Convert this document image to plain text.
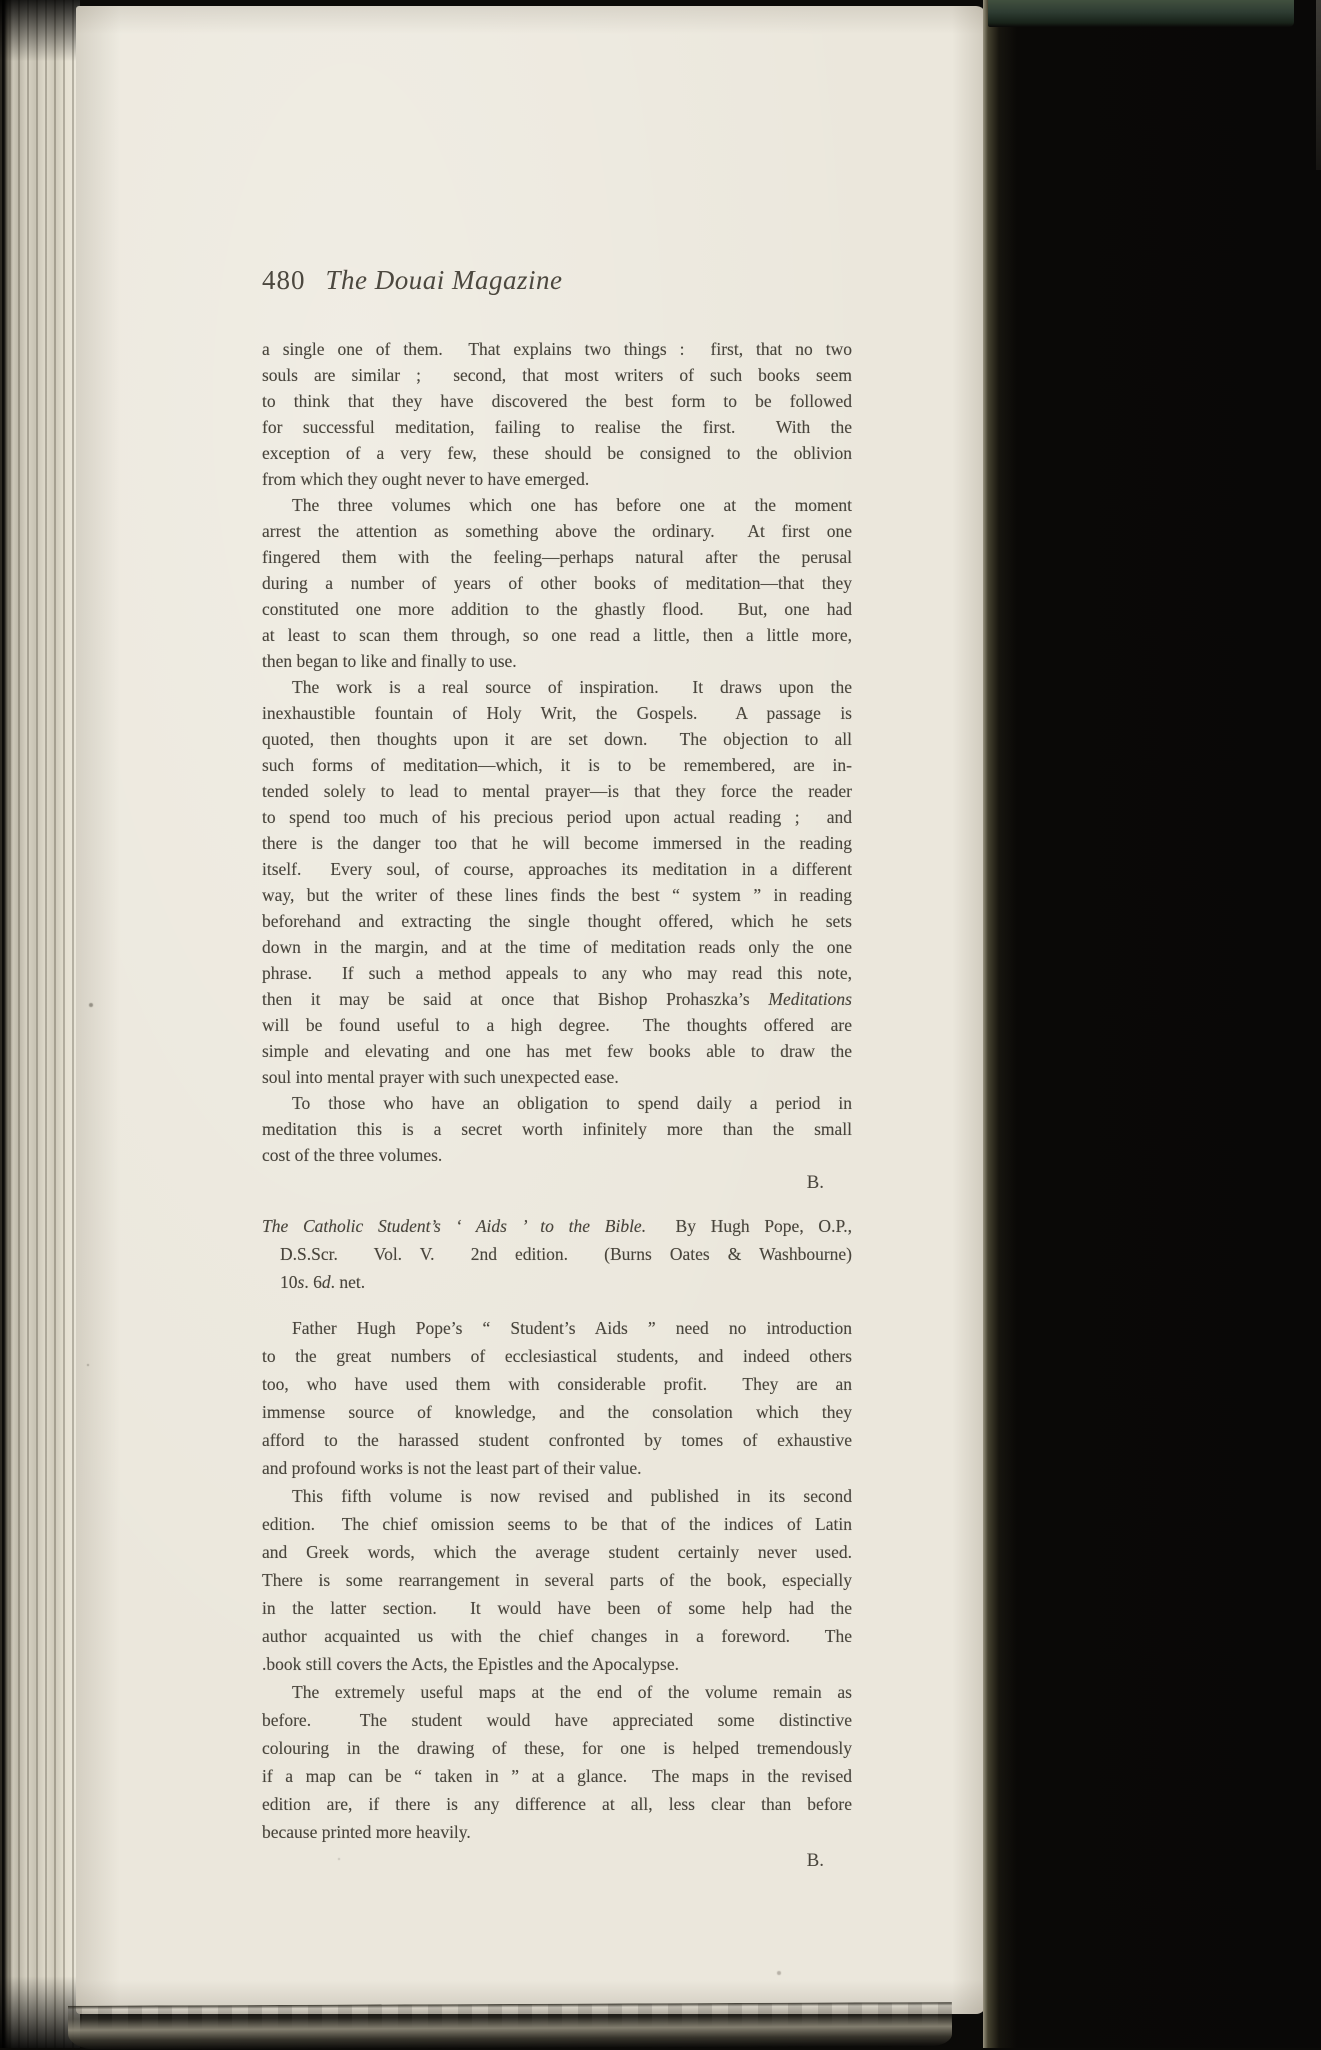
480 The Douai Magazine
a single one of them.  That explains two things :  first, that no two
souls are similar ;  second, that most writers of such books seem
to think that they have discovered the best form to be followed
for successful meditation, failing to realise the first.  With the
exception of a very few, these should be consigned to the oblivion
from which they ought never to have emerged.
The three volumes which one has before one at the moment
arrest the attention as something above the ordinary.  At first one
fingered them with the feeling—perhaps natural after the perusal
during a number of years of other books of meditation—that they
constituted one more addition to the ghastly flood.  But, one had
at least to scan them through, so one read a little, then a little more,
then began to like and finally to use.
The work is a real source of inspiration.  It draws upon the
inexhaustible fountain of Holy Writ, the Gospels.  A passage is
quoted, then thoughts upon it are set down.  The objection to all
such forms of meditation—which, it is to be remembered, are in-
tended solely to lead to mental prayer—is that they force the reader
to spend too much of his precious period upon actual reading ;  and
there is the danger too that he will become immersed in the reading
itself.  Every soul, of course, approaches its meditation in a different
way, but the writer of these lines finds the best “ system ” in reading
beforehand and extracting the single thought offered, which he sets
down in the margin, and at the time of meditation reads only the one
phrase.  If such a method appeals to any who may read this note,
then it may be said at once that Bishop Prohaszka’s Meditations
will be found useful to a high degree.  The thoughts offered are
simple and elevating and one has met few books able to draw the
soul into mental prayer with such unexpected ease.
To those who have an obligation to spend daily a period in
meditation this is a secret worth infinitely more than the small
cost of the three volumes.
B.
The Catholic Student’s ‘ Aids ’ to the Bible.  By Hugh Pope, O.P.,
D.S.Scr.  Vol. V.  2nd edition.  (Burns Oates & Washbourne)
10s. 6d. net.
Father Hugh Pope’s “ Student’s Aids ” need no introduction
to the great numbers of ecclesiastical students, and indeed others
too, who have used them with considerable profit.  They are an
immense source of knowledge, and the consolation which they
afford to the harassed student confronted by tomes of exhaustive
and profound works is not the least part of their value.
This fifth volume is now revised and published in its second
edition.  The chief omission seems to be that of the indices of Latin
and Greek words, which the average student certainly never used.
There is some rearrangement in several parts of the book, especially
in the latter section.  It would have been of some help had the
author acquainted us with the chief changes in a foreword.  The
.book still covers the Acts, the Epistles and the Apocalypse.
The extremely useful maps at the end of the volume remain as
before.  The student would have appreciated some distinctive
colouring in the drawing of these, for one is helped tremendously
if a map can be “ taken in ” at a glance.  The maps in the revised
edition are, if there is any difference at all, less clear than before
because printed more heavily.
B.
